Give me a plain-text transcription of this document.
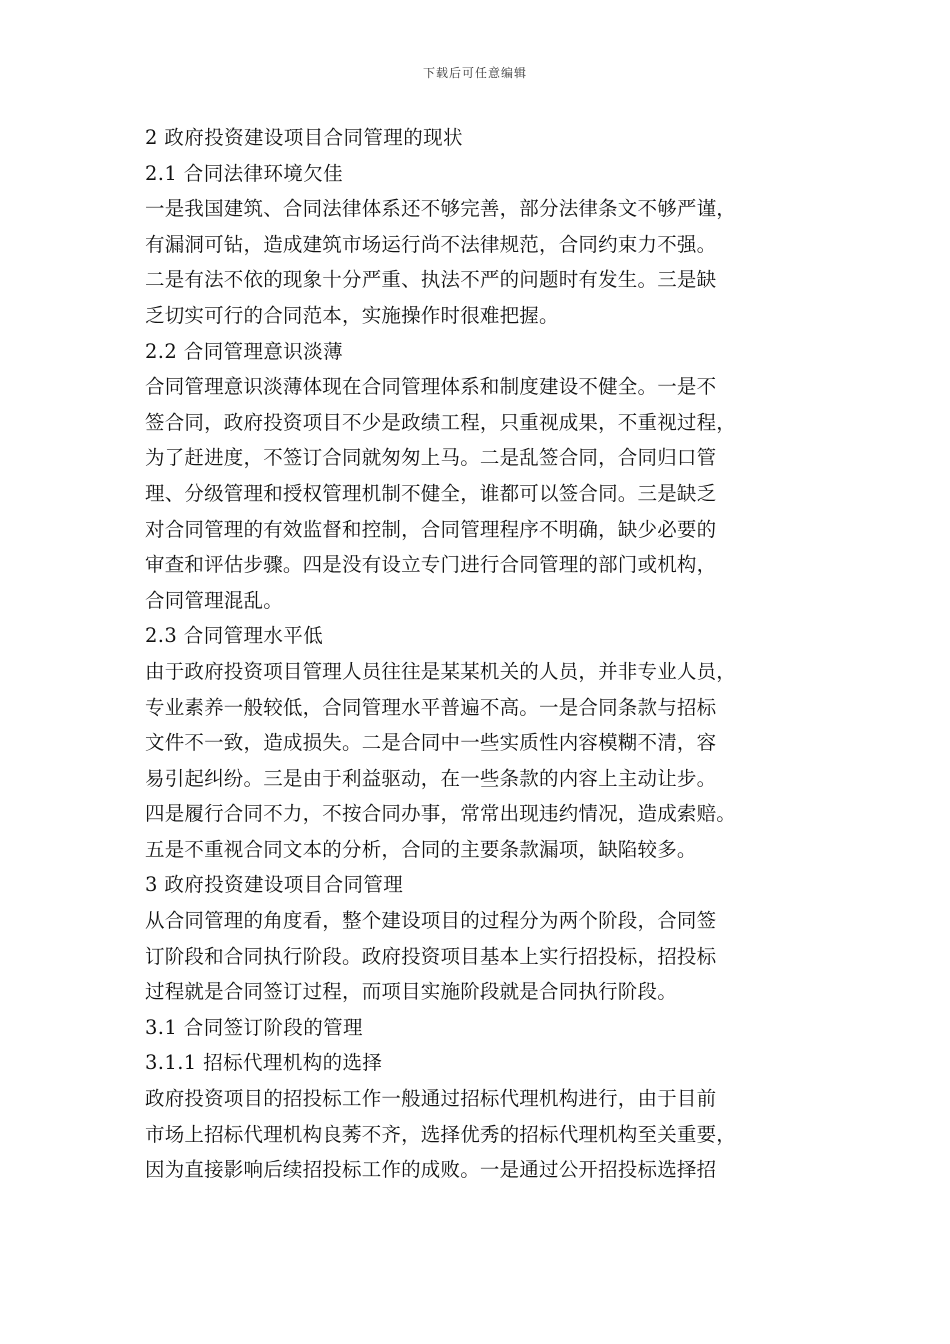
下载后可任意编辑
2 政府投资建设项目合同管理的现状
2.1 合同法律环境欠佳
一是我国建筑、合同法律体系还不够完善，部分法律条文不够严谨，
有漏洞可钻，造成建筑市场运行尚不法律规范，合同约束力不强。
二是有法不依的现象十分严重、执法不严的问题时有发生。三是缺
乏切实可行的合同范本，实施操作时很难把握。
2.2 合同管理意识淡薄
合同管理意识淡薄体现在合同管理体系和制度建设不健全。一是不
签合同，政府投资项目不少是政绩工程，只重视成果，不重视过程，
为了赶进度，不签订合同就匆匆上马。二是乱签合同，合同归口管
理、分级管理和授权管理机制不健全，谁都可以签合同。三是缺乏
对合同管理的有效监督和控制，合同管理程序不明确，缺少必要的
审查和评估步骤。四是没有设立专门进行合同管理的部门或机构，
合同管理混乱。
2.3 合同管理水平低
由于政府投资项目管理人员往往是某某机关的人员，并非专业人员，
专业素养一般较低，合同管理水平普遍不高。一是合同条款与招标
文件不一致，造成损失。二是合同中一些实质性内容模糊不清，容
易引起纠纷。三是由于利益驱动，在一些条款的内容上主动让步。
四是履行合同不力，不按合同办事，常常出现违约情况，造成索赔。
五是不重视合同文本的分析，合同的主要条款漏项，缺陷较多。
3 政府投资建设项目合同管理
从合同管理的角度看，整个建设项目的过程分为两个阶段，合同签
订阶段和合同执行阶段。政府投资项目基本上实行招投标，招投标
过程就是合同签订过程，而项目实施阶段就是合同执行阶段。
3.1 合同签订阶段的管理
3.1.1 招标代理机构的选择
政府投资项目的招投标工作一般通过招标代理机构进行，由于目前
市场上招标代理机构良莠不齐，选择优秀的招标代理机构至关重要，
因为直接影响后续招投标工作的成败。一是通过公开招投标选择招
